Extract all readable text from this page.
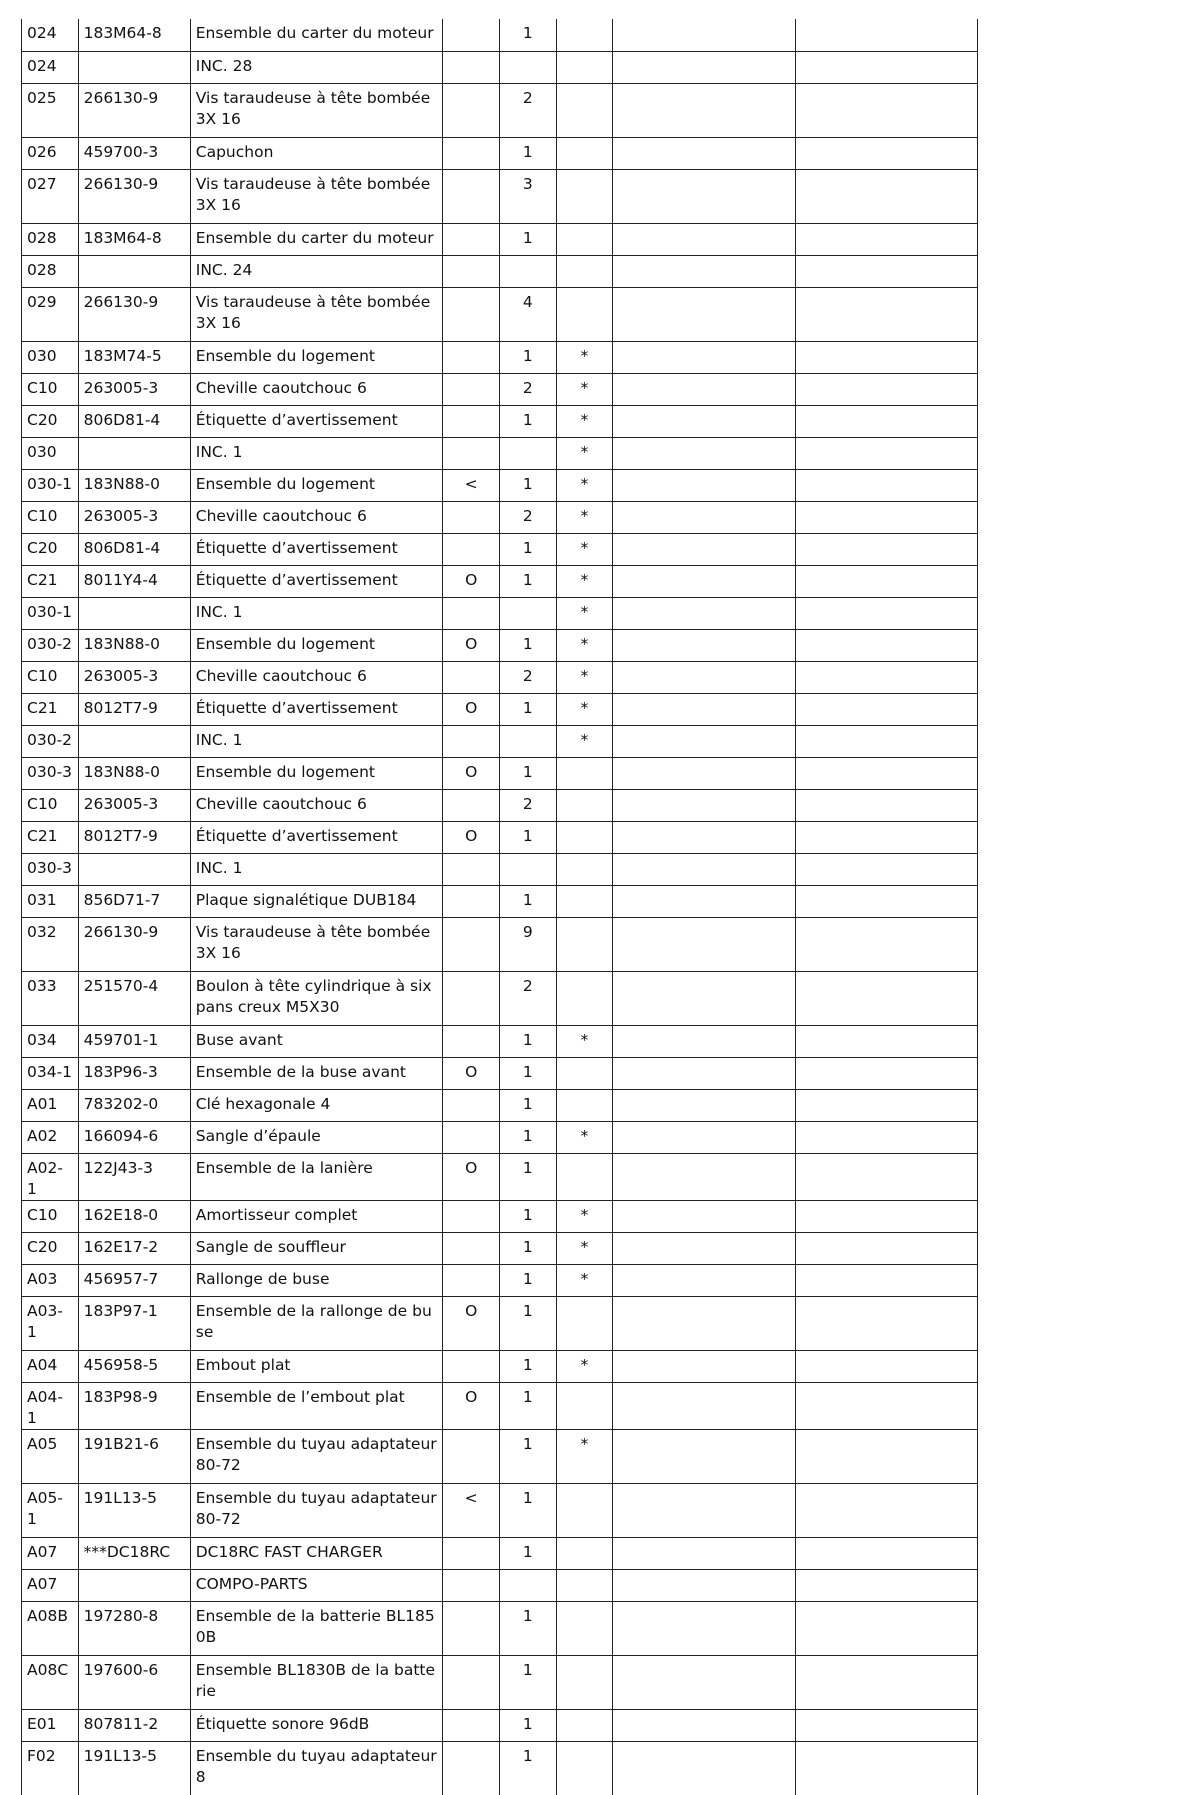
024	183M64-8	Ensemble du carter du moteur		1			
024		INC. 28					
025	266130-9	Vis taraudeuse à tête bombée 3X 16		2			
026	459700-3	Capuchon		1			
027	266130-9	Vis taraudeuse à tête bombée 3X 16		3			
028	183M64-8	Ensemble du carter du moteur		1			
028		INC. 24					
029	266130-9	Vis taraudeuse à tête bombée 3X 16		4			
030	183M74-5	Ensemble du logement		1	*		
C10	263005-3	Cheville caoutchouc 6		2	*		
C20	806D81-4	Étiquette d’avertissement		1	*		
030		INC. 1			*		
030-1	183N88-0	Ensemble du logement	<	1	*		
C10	263005-3	Cheville caoutchouc 6		2	*		
C20	806D81-4	Étiquette d’avertissement		1	*		
C21	8011Y4-4	Étiquette d’avertissement	O	1	*		
030-1		INC. 1			*		
030-2	183N88-0	Ensemble du logement	O	1	*		
C10	263005-3	Cheville caoutchouc 6		2	*		
C21	8012T7-9	Étiquette d’avertissement	O	1	*		
030-2		INC. 1			*		
030-3	183N88-0	Ensemble du logement	O	1			
C10	263005-3	Cheville caoutchouc 6		2			
C21	8012T7-9	Étiquette d’avertissement	O	1			
030-3		INC. 1					
031	856D71-7	Plaque signalétique DUB184		1			
032	266130-9	Vis taraudeuse à tête bombée 3X 16		9			
033	251570-4	Boulon à tête cylindrique à six pans creux M5X30		2			
034	459701-1	Buse avant		1	*		
034-1	183P96-3	Ensemble de la buse avant	O	1			
A01	783202-0	Clé hexagonale 4		1			
A02	166094-6	Sangle d’épaule		1	*		
A02-1	122J43-3	Ensemble de la lanière	O	1			
C10	162E18-0	Amortisseur complet		1	*		
C20	162E17-2	Sangle de souffleur		1	*		
A03	456957-7	Rallonge de buse		1	*		
A03-1	183P97-1	Ensemble de la rallonge de buse	O	1			
A04	456958-5	Embout plat		1	*		
A04-1	183P98-9	Ensemble de l’embout plat	O	1			
A05	191B21-6	Ensemble du tuyau adaptateur 80-72		1	*		
A05-1	191L13-5	Ensemble du tuyau adaptateur 80-72	<	1			
A07	***DC18RC	DC18RC FAST CHARGER		1			
A07		COMPO-PARTS					
A08B	197280-8	Ensemble de la batterie BL1850B		1			
A08C	197600-6	Ensemble BL1830B de la batterie		1			
E01	807811-2	Étiquette sonore 96dB		1			
F02	191L13-5	Ensemble du tuyau adaptateur 8		1			
